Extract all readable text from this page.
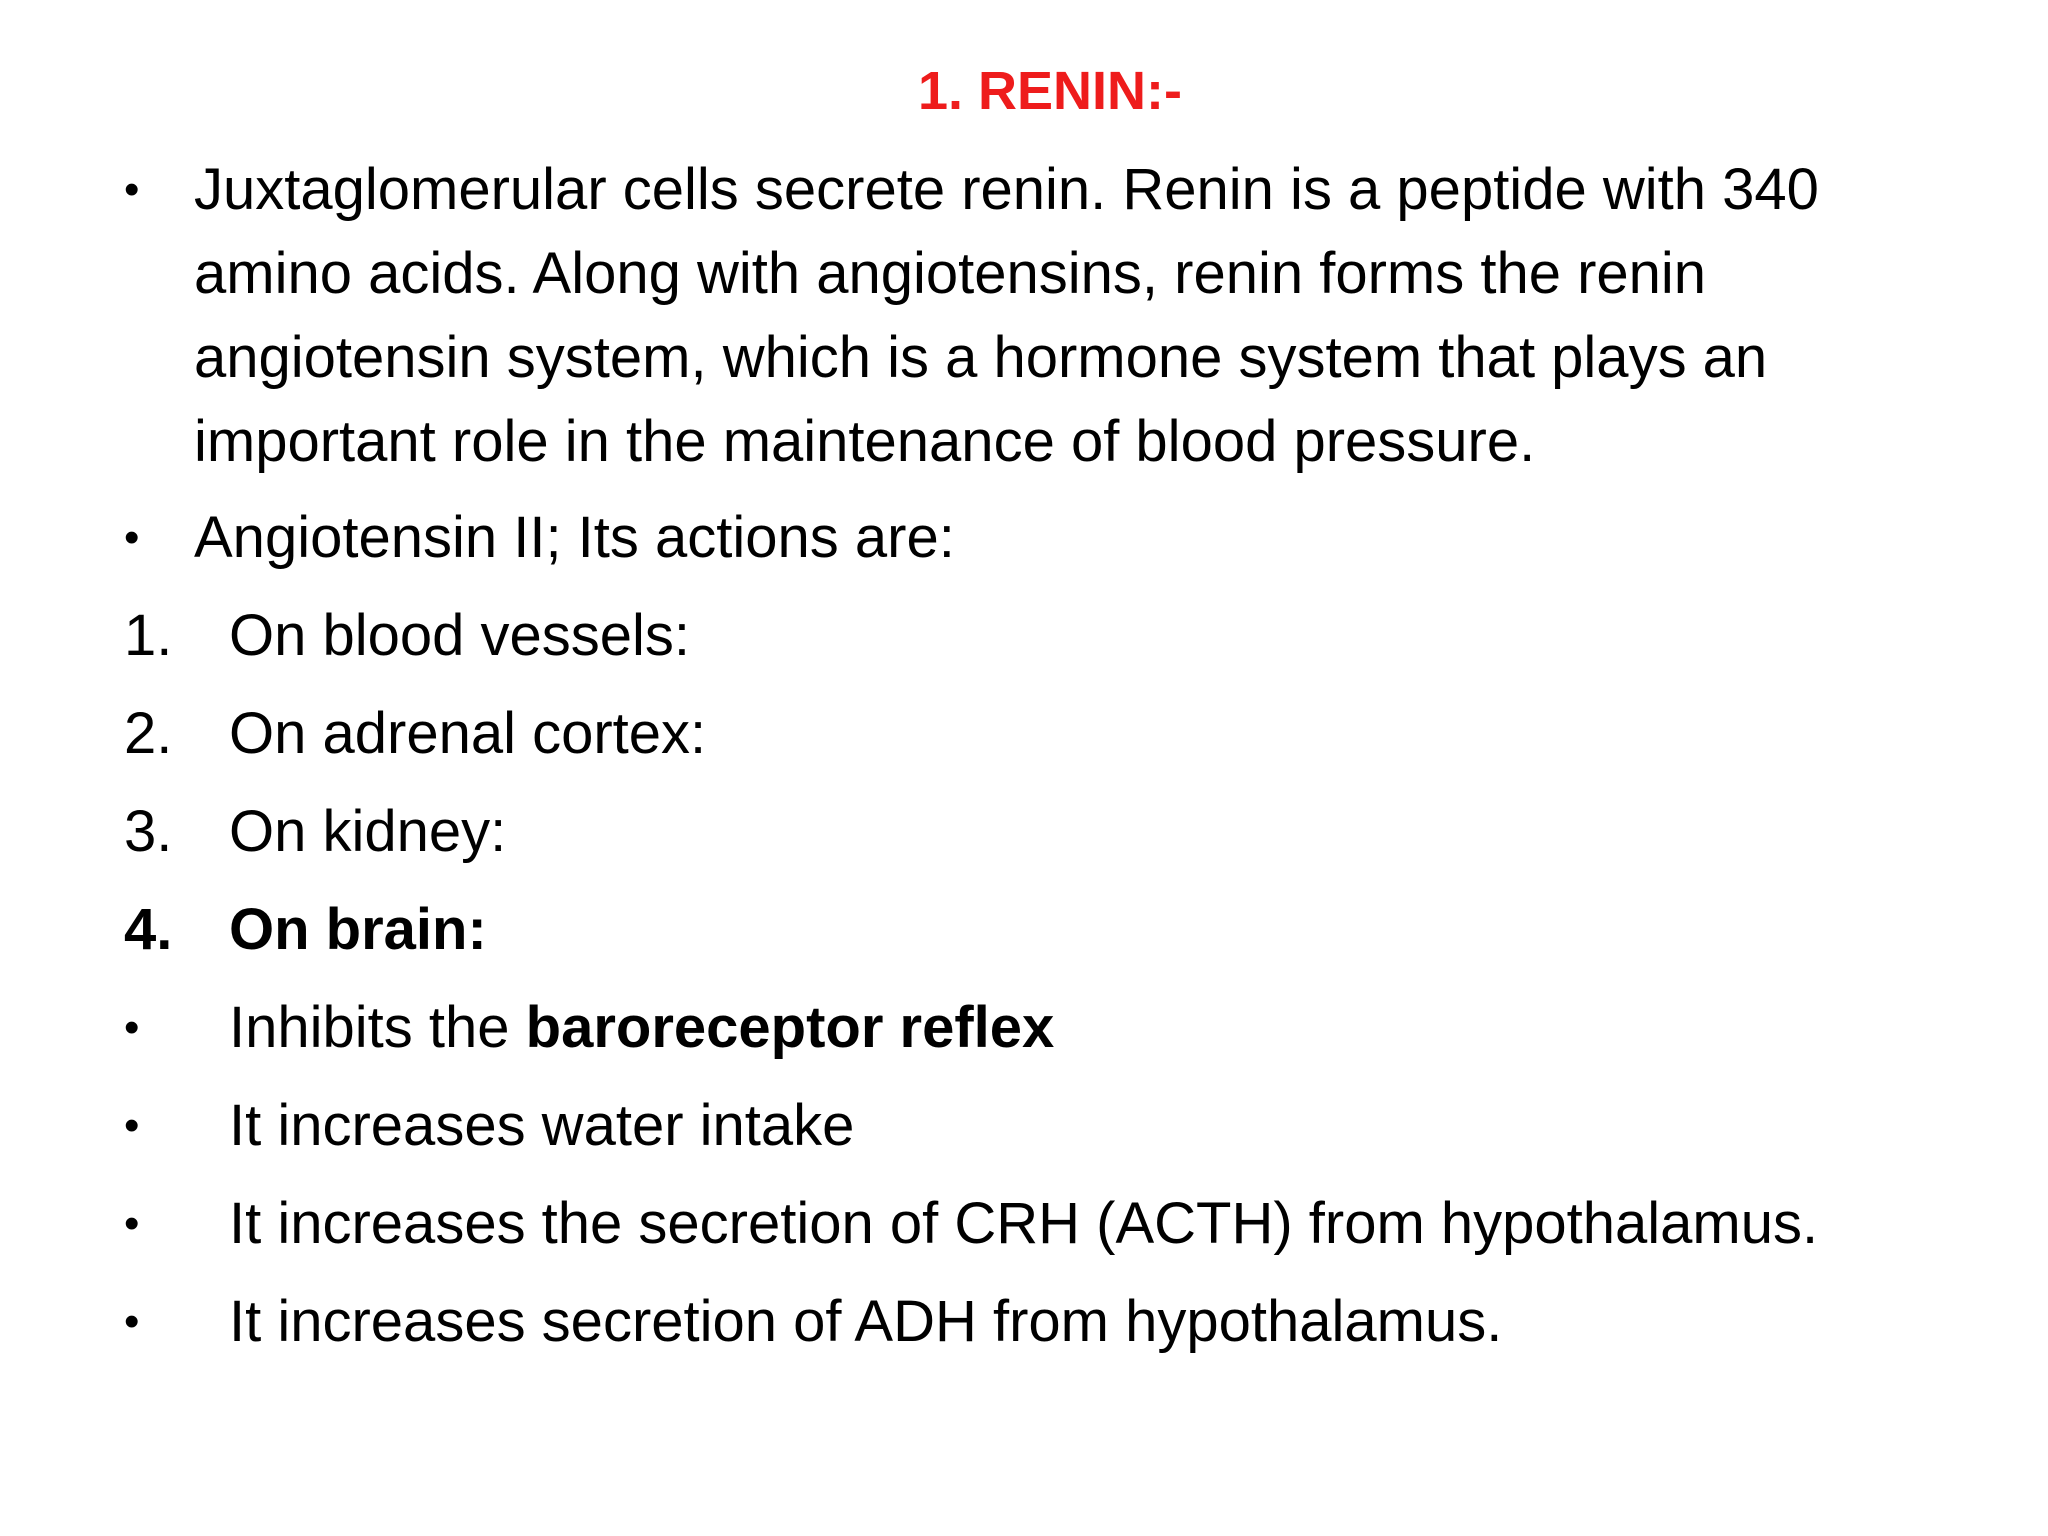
1. RENIN:-
• Juxtaglomerular cells secrete renin. Renin is a peptide with 340
amino acids. Along with angiotensins, renin forms the renin
angiotensin system, which is a hormone system that plays an
important role in the maintenance of blood pressure.
• Angiotensin II; Its actions are:
1. On blood vessels:
2. On adrenal cortex:
3. On kidney:
4. On brain:
• Inhibits the baroreceptor reflex
• It increases water intake
• It increases the secretion of CRH (ACTH) from hypothalamus.
• It increases secretion of ADH from hypothalamus.
